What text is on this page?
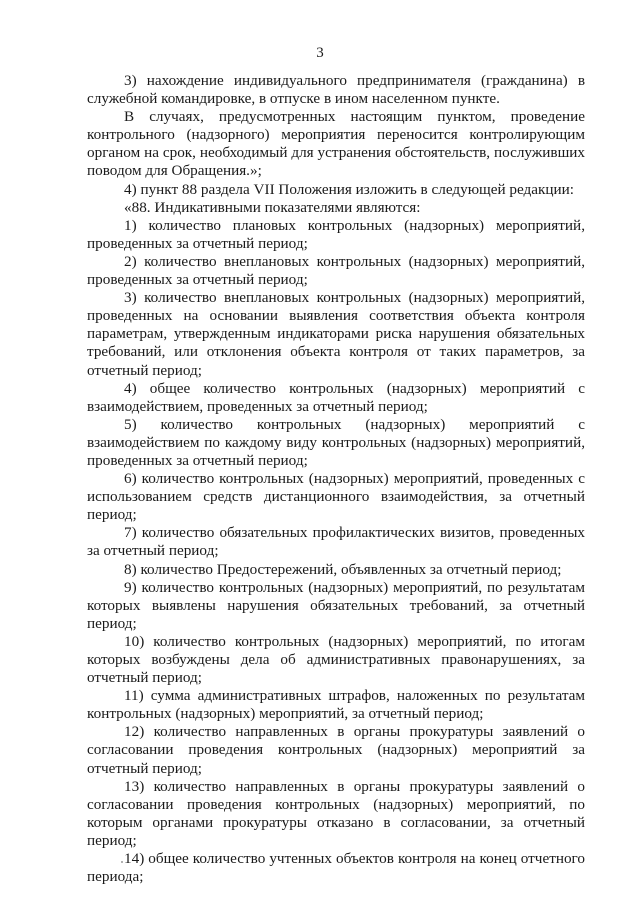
3

3) нахождение индивидуального предпринимателя (гражданина) в служебной командировке, в отпуске в ином населенном пункте.

В случаях, предусмотренных настоящим пунктом, проведение контрольного (надзорного) мероприятия переносится контролирующим органом на срок, необходимый для устранения обстоятельств, послуживших поводом для Обращения.»;

4) пункт 88 раздела VII Положения изложить в следующей редакции:

«88. Индикативными показателями являются:

1) количество плановых контрольных (надзорных) мероприятий, проведенных за отчетный период;

2) количество внеплановых контрольных (надзорных) мероприятий, проведенных за отчетный период;

3) количество внеплановых контрольных (надзорных) мероприятий, проведенных на основании выявления соответствия объекта контроля параметрам, утвержденным индикаторами риска нарушения обязательных требований, или отклонения объекта контроля от таких параметров, за отчетный период;

4) общее количество контрольных (надзорных) мероприятий с взаимодействием, проведенных за отчетный период;

5) количество контрольных (надзорных) мероприятий с взаимодействием по каждому виду контрольных (надзорных) мероприятий, проведенных за отчетный период;

6) количество контрольных (надзорных) мероприятий, проведенных с использованием средств дистанционного взаимодействия, за отчетный период;

7) количество обязательных профилактических визитов, проведенных за отчетный период;

8) количество Предостережений, объявленных за отчетный период;

9) количество контрольных (надзорных) мероприятий, по результатам которых выявлены нарушения обязательных требований, за отчетный период;

10) количество контрольных (надзорных) мероприятий, по итогам которых возбуждены дела об административных правонарушениях, за отчетный период;

11) сумма административных штрафов, наложенных по результатам контрольных (надзорных) мероприятий, за отчетный период;

12) количество направленных в органы прокуратуры заявлений о согласовании проведения контрольных (надзорных) мероприятий за отчетный период;

13) количество направленных в органы прокуратуры заявлений о согласовании проведения контрольных (надзорных) мероприятий, по которым органами прокуратуры отказано в согласовании, за отчетный период;

14) общее количество учтенных объектов контроля на конец отчетного периода;
